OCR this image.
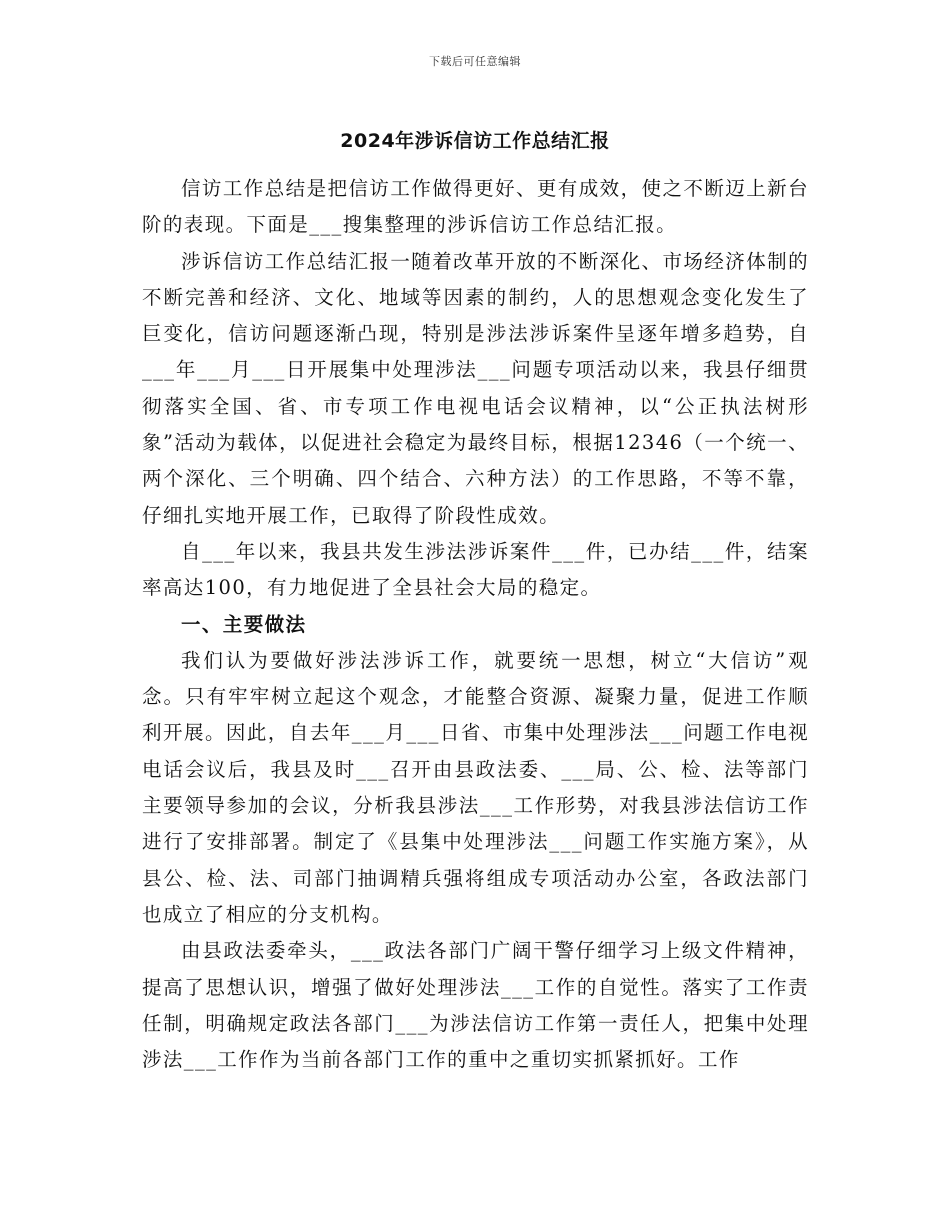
下载后可任意编辑
2024年涉诉信访工作总结汇报

信访工作总结是把信访工作做得更好、更有成效，使之不断迈上新台阶的表现。下面是___搜集整理的涉诉信访工作总结汇报。

涉诉信访工作总结汇报一随着改革开放的不断深化、市场经济体制的不断完善和经济、文化、地域等因素的制约，人的思想观念变化发生了巨变化，信访问题逐渐凸现，特别是涉法涉诉案件呈逐年增多趋势，自___年___月___日开展集中处理涉法___问题专项活动以来，我县仔细贯彻落实全国、省、市专项工作电视电话会议精神，以“公正执法树形象”活动为载体，以促进社会稳定为最终目标，根据12346（一个统一、两个深化、三个明确、四个结合、六种方法）的工作思路，不等不靠，仔细扎实地开展工作，已取得了阶段性成效。

自___年以来，我县共发生涉法涉诉案件___件，已办结___件，结案率高达100，有力地促进了全县社会大局的稳定。

一、主要做法

我们认为要做好涉法涉诉工作，就要统一思想，树立“大信访”观念。只有牢牢树立起这个观念，才能整合资源、凝聚力量，促进工作顺利开展。因此，自去年___月___日省、市集中处理涉法___问题工作电视电话会议后，我县及时___召开由县政法委、___局、公、检、法等部门主要领导参加的会议，分析我县涉法___工作形势，对我县涉法信访工作进行了安排部署。制定了《县集中处理涉法___问题工作实施方案》，从县公、检、法、司部门抽调精兵强将组成专项活动办公室，各政法部门也成立了相应的分支机构。

由县政法委牵头，___政法各部门广阔干警仔细学习上级文件精神，提高了思想认识，增强了做好处理涉法___工作的自觉性。落实了工作责任制，明确规定政法各部门___为涉法信访工作第一责任人，把集中处理涉法___工作作为当前各部门工作的重中之重切实抓紧抓好。工作
